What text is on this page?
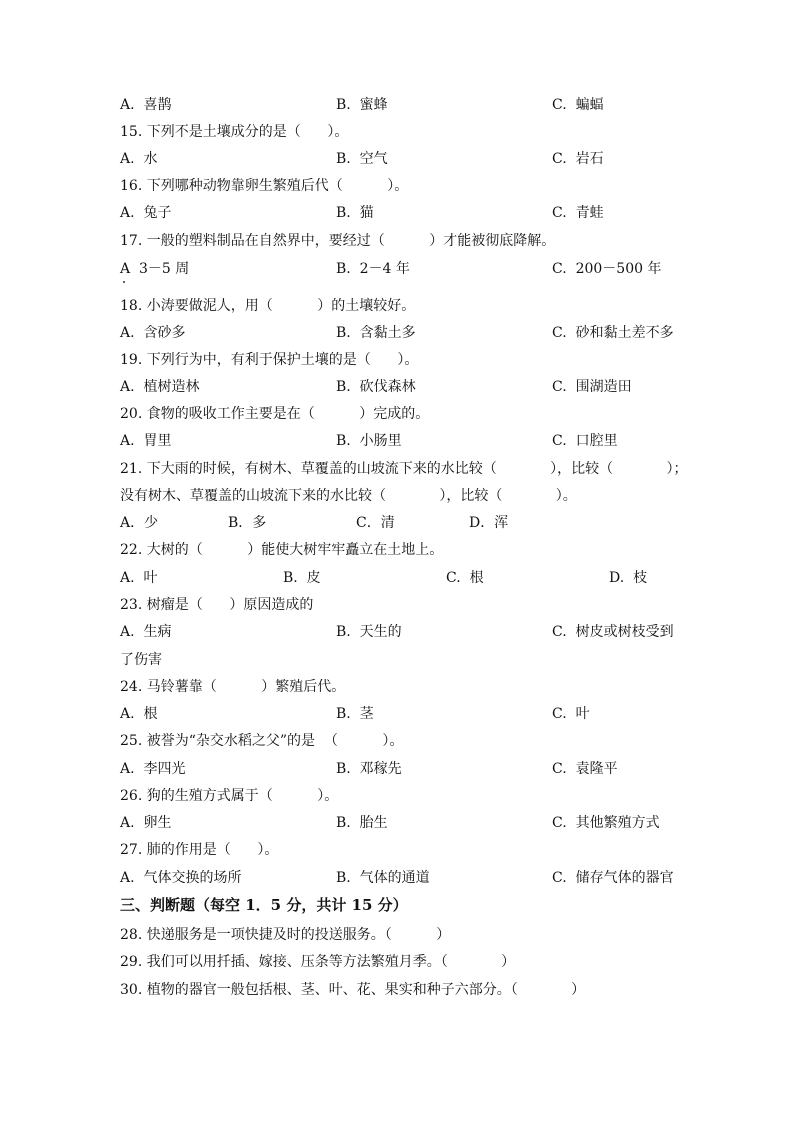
A.  喜鹊	B.  蜜蜂	C.  蝙蝠
15. 下列不是土壤成分的是（      ）。
A.  水	B.  空气	C.  岩石
16. 下列哪种动物靠卵生繁殖后代（          ）。
A.  兔子	B.  猫	C.  青蛙
17. 一般的塑料制品在自然界中，要经过（          ）才能被彻底降解。
A  3－5 周	B.  2－4 年	C.  200－500 年
18. 小涛要做泥人，用（          ）的土壤较好。
A.  含砂多	B.  含黏土多	C.  砂和黏土差不多
19. 下列行为中，有利于保护土壤的是（      ）。
A.  植树造林	B.  砍伐森林	C.  围湖造田
20. 食物的吸收工作主要是在（          ）完成的。
A.  胃里	B.  小肠里	C.  口腔里
21. 下大雨的时候，有树木、草覆盖的山坡流下来的水比较（            ），比较（            ）；
没有树木、草覆盖的山坡流下来的水比较（            ），比较（            ）。
A．少	B．多	C．清	D．浑
22. 大树的（          ）能使大树牢牢矗立在土地上。
A.  叶	B.  皮	C.  根	D.  枝
23. 树瘤是（      ）原因造成的
A.  生病	B.  天生的	C.  树皮或树枝受到
了伤害
24. 马铃薯靠（          ）繁殖后代。
A.  根	B.  茎	C.  叶
25. 被誉为“杂交水稻之父”的是  （          ）。
A.  李四光	B.  邓稼先	C.  袁隆平
26. 狗的生殖方式属于（          ）。
A.  卵生	B.  胎生	C.  其他繁殖方式
27. 肺的作用是（      ）。
A.  气体交换的场所	B.  气体的通道	C.  储存气体的器官
三、判断题（每空 1．5 分，共计 15 分）
28. 快递服务是一项快捷及时的投送服务。（          ）
29. 我们可以用扦插、嫁接、压条等方法繁殖月季。（            ）
30. 植物的器官一般包括根、茎、叶、花、果实和种子六部分。（            ）
